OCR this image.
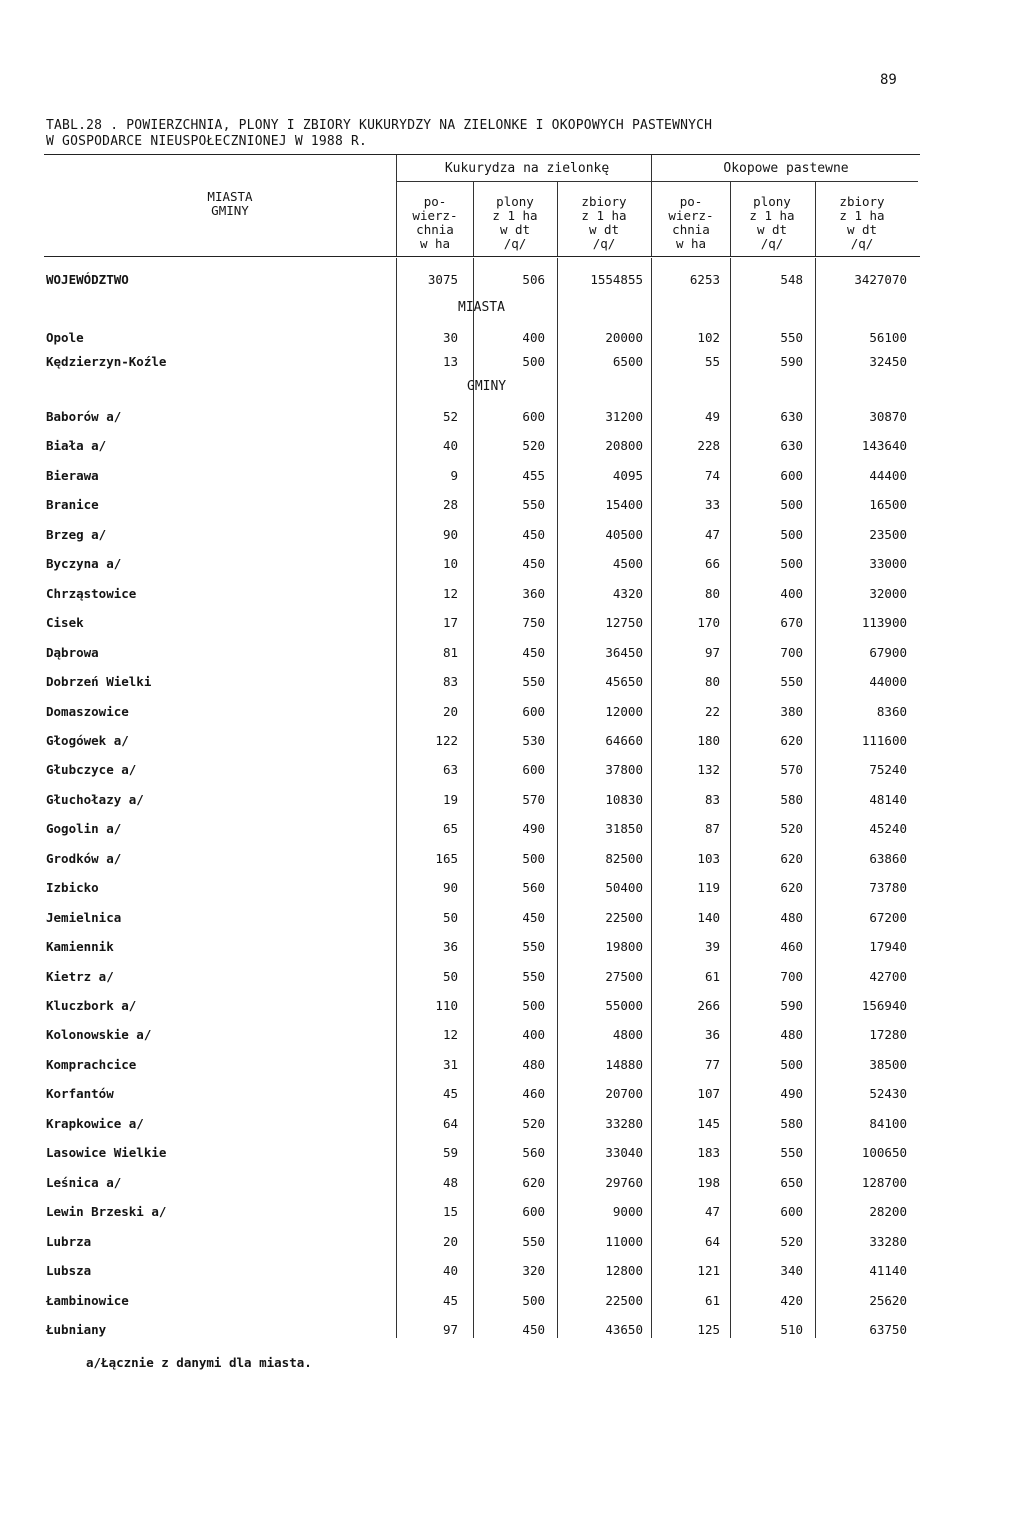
89
TABL.28 . POWIERZCHNIA, PLONY I ZBIORY KUKURYDZY NA ZIELONKE I OKOPOWYCH PASTEWNYCH
W GOSPODARCE NIEUSPOŁECZNIONEJ W 1988 R.
MIASTA
GMINY
Kukurydza na zielonkę	Okopowe pastewne
po-
wierz-
chnia
w ha
plony
z 1 ha
w dt
/q/
zbiory
z 1 ha
w dt
/q/
po-
wierz-
chnia
w ha
plony
z 1 ha
w dt
/q/
zbiory
z 1 ha
w dt
/q/
WOJEWÓDZTWO	3075	506	1554855	6253	548	3427070
MIASTA
GMINY
Opole	30	400	20000	102	550	56100
Kędzierzyn-Koźle	13	500	6500	55	590	32450
Baborów a/	52	600	31200	49	630	30870
Biała a/	40	520	20800	228	630	143640
Bierawa	9	455	4095	74	600	44400
Branice	28	550	15400	33	500	16500
Brzeg a/	90	450	40500	47	500	23500
Byczyna a/	10	450	4500	66	500	33000
Chrząstowice	12	360	4320	80	400	32000
Cisek	17	750	12750	170	670	113900
Dąbrowa	81	450	36450	97	700	67900
Dobrzeń Wielki	83	550	45650	80	550	44000
Domaszowice	20	600	12000	22	380	8360
Głogówek a/	122	530	64660	180	620	111600
Głubczyce a/	63	600	37800	132	570	75240
Głuchołazy a/	19	570	10830	83	580	48140
Gogolin a/	65	490	31850	87	520	45240
Grodków a/	165	500	82500	103	620	63860
Izbicko	90	560	50400	119	620	73780
Jemielnica	50	450	22500	140	480	67200
Kamiennik	36	550	19800	39	460	17940
Kietrz a/	50	550	27500	61	700	42700
Kluczbork a/	110	500	55000	266	590	156940
Kolonowskie a/	12	400	4800	36	480	17280
Komprachcice	31	480	14880	77	500	38500
Korfantów	45	460	20700	107	490	52430
Krapkowice a/	64	520	33280	145	580	84100
Lasowice Wielkie	59	560	33040	183	550	100650
Leśnica a/	48	620	29760	198	650	128700
Lewin Brzeski a/	15	600	9000	47	600	28200
Lubrza	20	550	11000	64	520	33280
Lubsza	40	320	12800	121	340	41140
Łambinowice	45	500	22500	61	420	25620
Łubniany	97	450	43650	125	510	63750
a/Łącznie z danymi dla miasta.
